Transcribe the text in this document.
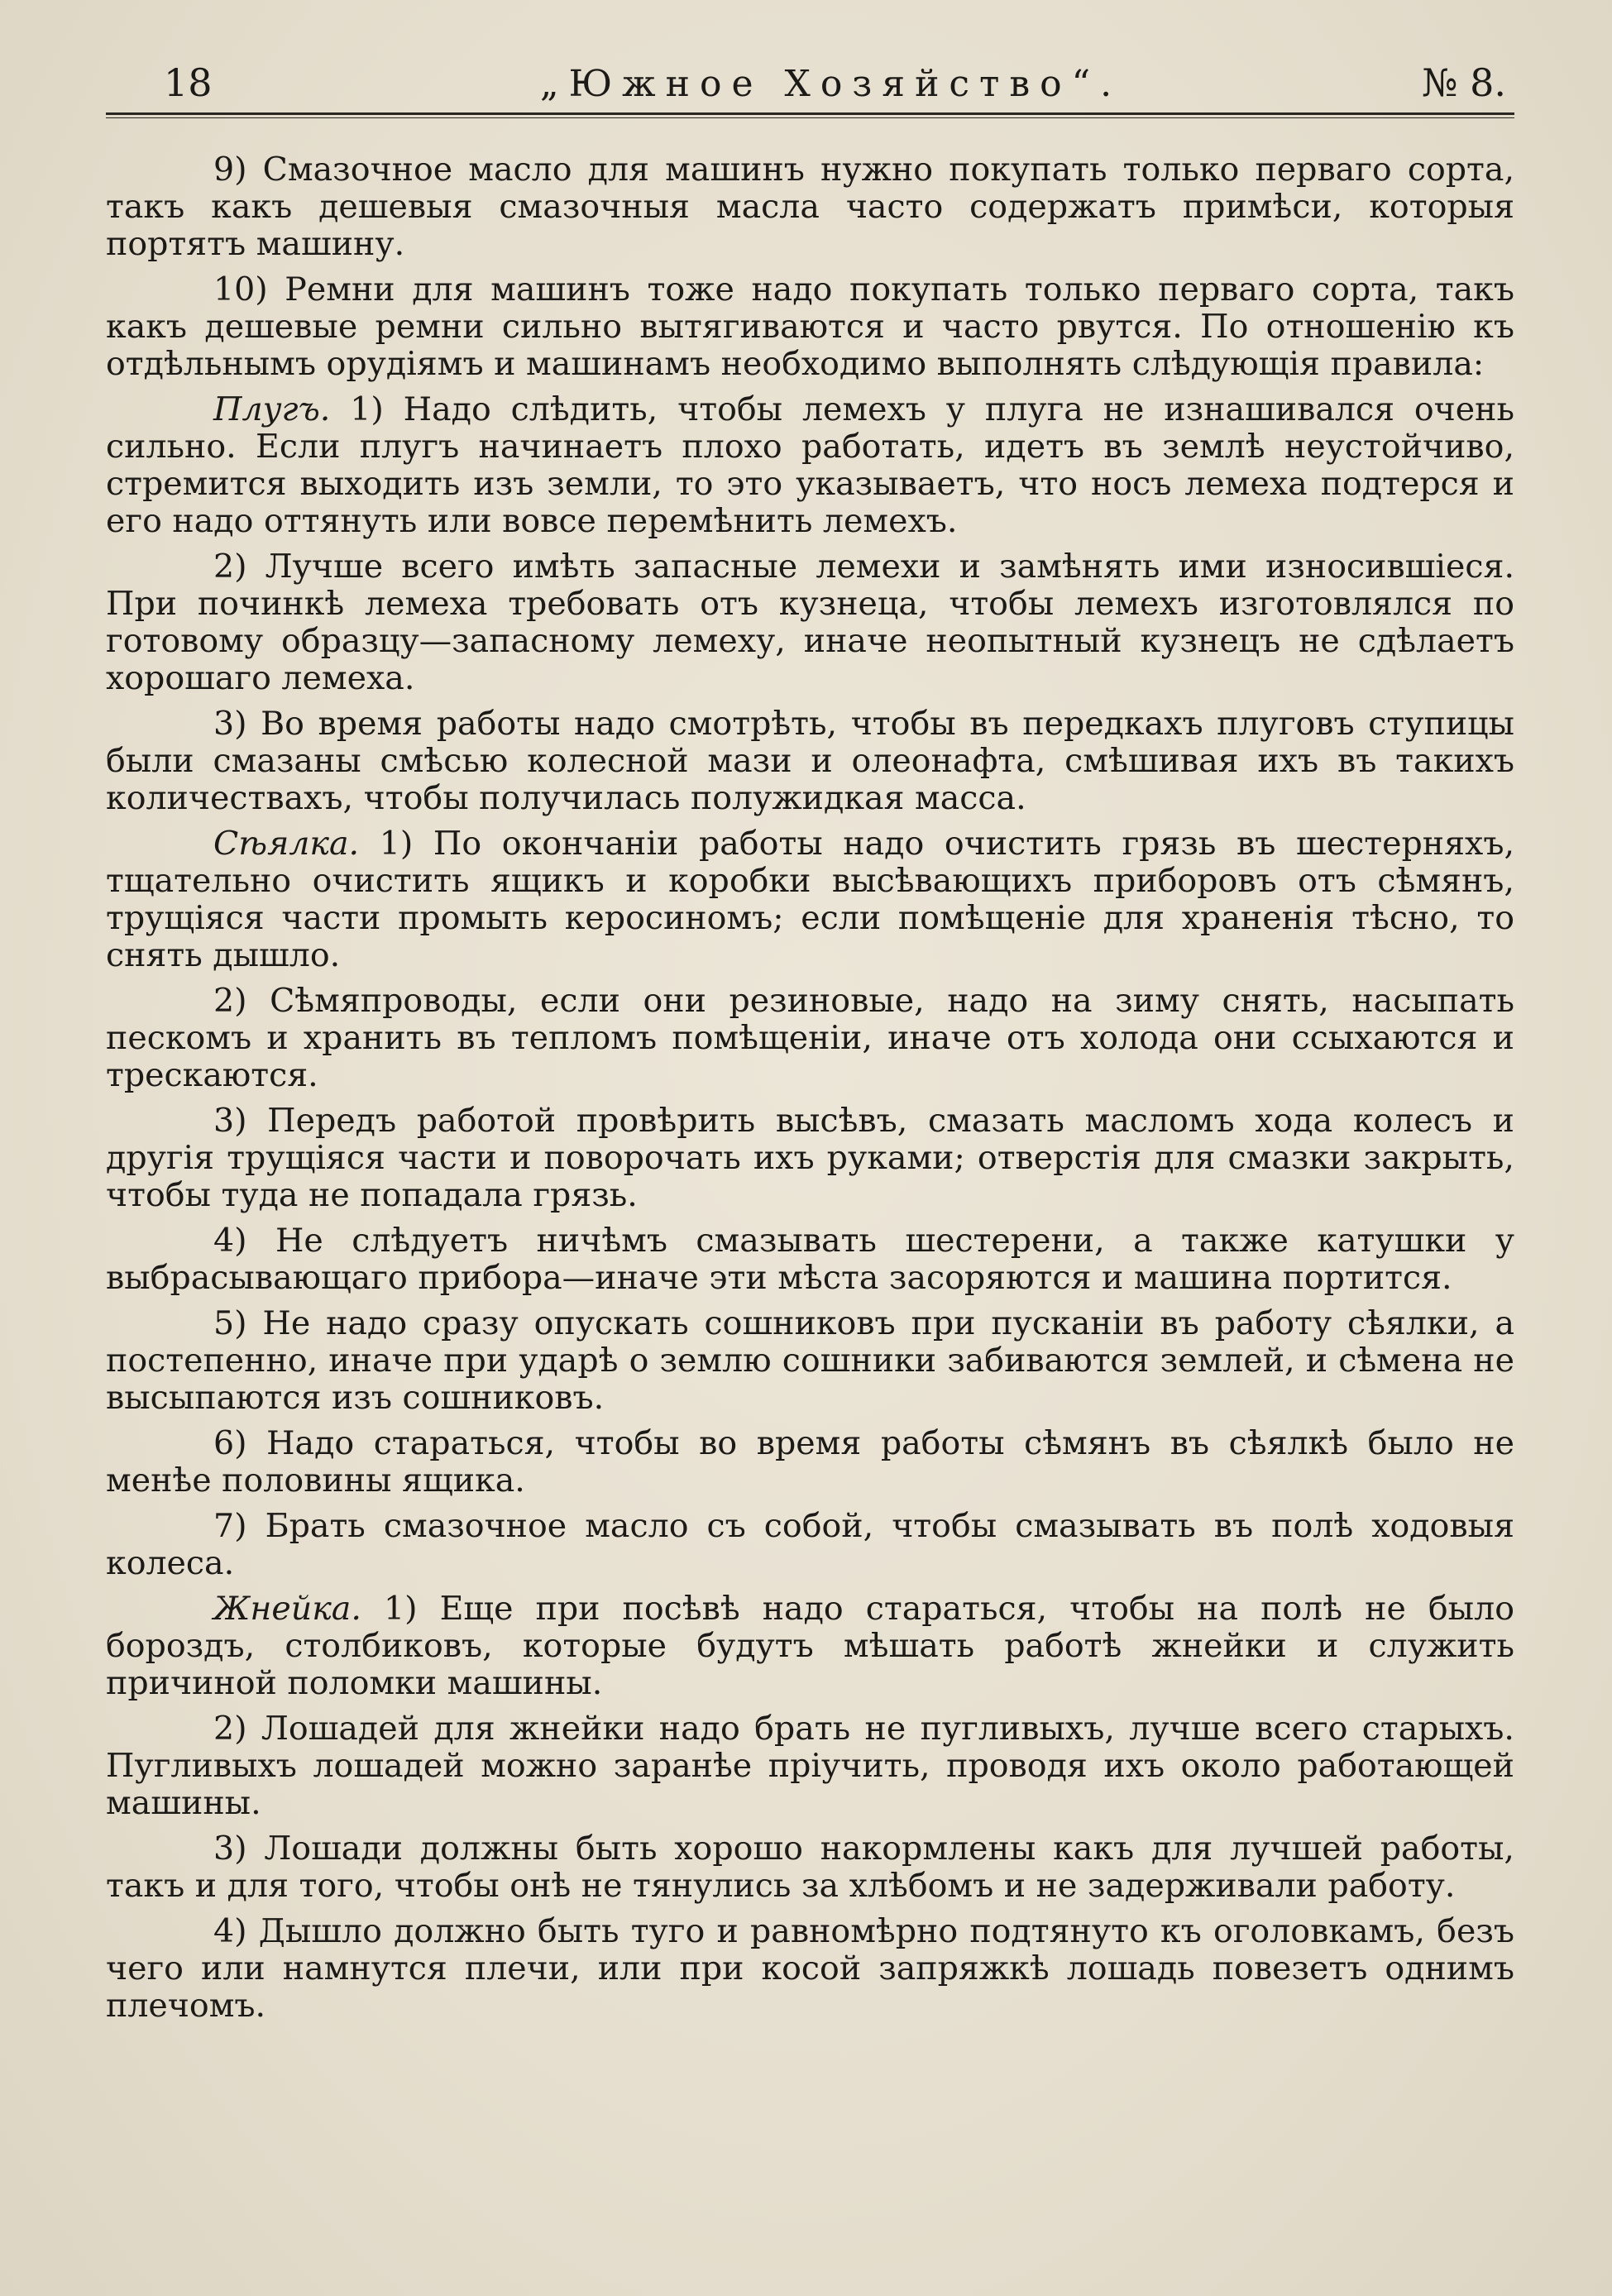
18	„Южное Хозяйство“.	№ 8.

9) Смазочное масло для машинъ нужно покупать только перваго сорта, такъ какъ дешевыя смазочныя масла часто содержатъ примѣси, которыя портятъ машину.

10) Ремни для машинъ тоже надо покупать только перваго сорта, такъ какъ дешевые ремни сильно вытягиваются и часто рвутся. По отношенію къ отдѣльнымъ орудіямъ и машинамъ необходимо выполнять слѣдующія правила:

Плугъ. 1) Надо слѣдить, чтобы лемехъ у плуга не изнашивался очень сильно. Если плугъ начинаетъ плохо работать, идетъ въ землѣ неустойчиво, стремится выходить изъ земли, то это указываетъ, что носъ лемеха подтерся и его надо оттянуть или вовсе перемѣнить лемехъ.

2) Лучше всего имѣть запасные лемехи и замѣнять ими износившіеся. При починкѣ лемеха требовать отъ кузнеца, чтобы лемехъ изготовлялся по готовому образцу—запасному лемеху, иначе неопытный кузнецъ не сдѣлаетъ хорошаго лемеха.

3) Во время работы надо смотрѣть, чтобы въ передкахъ плуговъ ступицы были смазаны смѣсью колесной мази и олеонафта, смѣшивая ихъ въ такихъ количествахъ, чтобы получилась полужидкая масса.

Сѣялка. 1) По окончаніи работы надо очистить грязь въ шестерняхъ, тщательно очистить ящикъ и коробки высѣвающихъ приборовъ отъ сѣмянъ, трущіяся части промыть керосиномъ; если помѣщеніе для храненія тѣсно, то снять дышло.

2) Сѣмяпроводы, если они резиновые, надо на зиму снять, насыпать пескомъ и хранить въ тепломъ помѣщеніи, иначе отъ холода они ссыхаются и трескаются.

3) Передъ работой провѣрить высѣвъ, смазать масломъ хода колесъ и другія трущіяся части и поворочать ихъ руками; отверстія для смазки закрыть, чтобы туда не попадала грязь.

4) Не слѣдуетъ ничѣмъ смазывать шестерени, а также катушки у выбрасывающаго прибора—иначе эти мѣста засоряются и машина портится.

5) Не надо сразу опускать сошниковъ при пусканіи въ работу сѣялки, а постепенно, иначе при ударѣ о землю сошники забиваются землей, и сѣмена не высыпаются изъ сошниковъ.

6) Надо стараться, чтобы во время работы сѣмянъ въ сѣялкѣ было не менѣе половины ящика.

7) Брать смазочное масло съ собой, чтобы смазывать въ полѣ ходовыя колеса.

Жнейка. 1) Еще при посѣвѣ надо стараться, чтобы на полѣ не было бороздъ, столбиковъ, которые будутъ мѣшать работѣ жнейки и служить причиной поломки машины.

2) Лошадей для жнейки надо брать не пугливыхъ, лучше всего старыхъ. Пугливыхъ лошадей можно заранѣе пріучить, проводя ихъ около работающей машины.

3) Лошади должны быть хорошо накормлены какъ для лучшей работы, такъ и для того, чтобы онѣ не тянулись за хлѣбомъ и не задерживали работу.

4) Дышло должно быть туго и равномѣрно подтянуто къ оголовкамъ, безъ чего или намнутся плечи, или при косой запряжкѣ лошадь повезетъ однимъ плечомъ.
